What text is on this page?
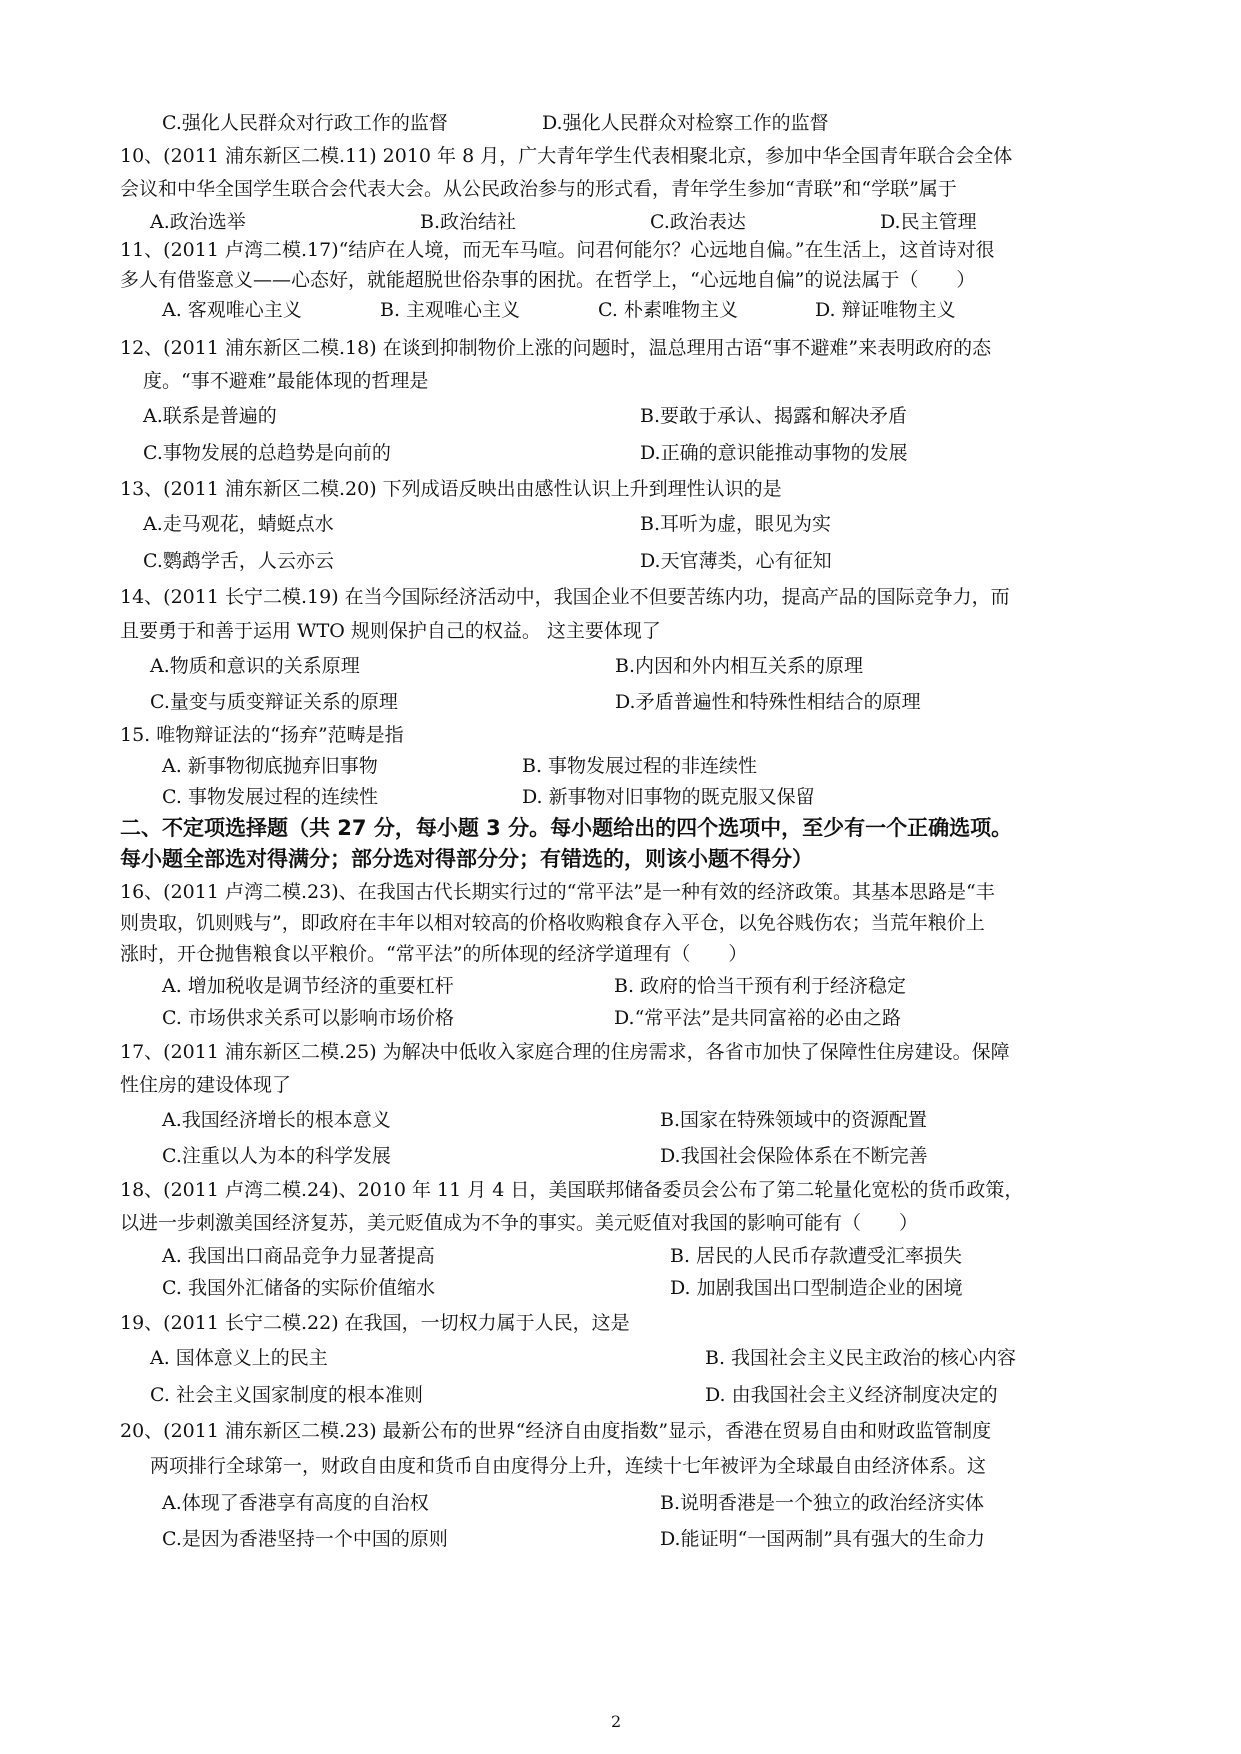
C.强化人民群众对行政工作的监督	D.强化人民群众对检察工作的监督
10、(2011 浦东新区二模.11) 2010 年 8 月，广大青年学生代表相聚北京，参加中华全国青年联合会全体
会议和中华全国学生联合会代表大会。从公民政治参与的形式看，青年学生参加“青联”和“学联”属于
A.政治选举	B.政治结社	C.政治表达	D.民主管理
11、(2011 卢湾二模.17)“结庐在人境，而无车马喧。问君何能尔？心远地自偏。”在生活上，这首诗对很
多人有借鉴意义——心态好，就能超脱世俗杂事的困扰。在哲学上，“心远地自偏”的说法属于（　　）
A. 客观唯心主义	B. 主观唯心主义	C. 朴素唯物主义	D. 辩证唯物主义
12、(2011 浦东新区二模.18) 在谈到抑制物价上涨的问题时，温总理用古语“事不避难”来表明政府的态
度。“事不避难”最能体现的哲理是
A.联系是普遍的	B.要敢于承认、揭露和解决矛盾
C.事物发展的总趋势是向前的	D.正确的意识能推动事物的发展
13、(2011 浦东新区二模.20) 下列成语反映出由感性认识上升到理性认识的是
A.走马观花，蜻蜓点水	B.耳听为虚，眼见为实
C.鹦鹉学舌，人云亦云	D.天官薄类，心有征知
14、(2011 长宁二模.19) 在当今国际经济活动中，我国企业不但要苦练内功，提高产品的国际竞争力，而
且要勇于和善于运用 WTO 规则保护自己的权益。 这主要体现了
A.物质和意识的关系原理	B.内因和外内相互关系的原理
C.量变与质变辩证关系的原理	D.矛盾普遍性和特殊性相结合的原理
15. 唯物辩证法的“扬弃”范畴是指
A. 新事物彻底抛弃旧事物	B. 事物发展过程的非连续性
C. 事物发展过程的连续性	D. 新事物对旧事物的既克服又保留
二、不定项选择题（共 27 分，每小题 3 分。每小题给出的四个选项中，至少有一个正确选项。
每小题全部选对得满分；部分选对得部分分；有错选的，则该小题不得分）
16、(2011 卢湾二模.23)、在我国古代长期实行过的“常平法”是一种有效的经济政策。其基本思路是“丰
则贵取，饥则贱与”，即政府在丰年以相对较高的价格收购粮食存入平仓，以免谷贱伤农；当荒年粮价上
涨时，开仓抛售粮食以平粮价。“常平法”的所体现的经济学道理有（　　）
A. 增加税收是调节经济的重要杠杆	B. 政府的恰当干预有利于经济稳定
C. 市场供求关系可以影响市场价格	D.“常平法”是共同富裕的必由之路
17、(2011 浦东新区二模.25) 为解决中低收入家庭合理的住房需求，各省市加快了保障性住房建设。保障
性住房的建设体现了
A.我国经济增长的根本意义	B.国家在特殊领域中的资源配置
C.注重以人为本的科学发展	D.我国社会保险体系在不断完善
18、(2011 卢湾二模.24)、2010 年 11 月 4 日，美国联邦储备委员会公布了第二轮量化宽松的货币政策，
以进一步刺激美国经济复苏，美元贬值成为不争的事实。美元贬值对我国的影响可能有（　　）
A. 我国出口商品竞争力显著提高	B. 居民的人民币存款遭受汇率损失
C. 我国外汇储备的实际价值缩水	D. 加剧我国出口型制造企业的困境
19、(2011 长宁二模.22) 在我国，一切权力属于人民，这是
A. 国体意义上的民主	B. 我国社会主义民主政治的核心内容
C. 社会主义国家制度的根本准则	D. 由我国社会主义经济制度决定的
20、(2011 浦东新区二模.23) 最新公布的世界“经济自由度指数”显示，香港在贸易自由和财政监管制度
两项排行全球第一，财政自由度和货币自由度得分上升，连续十七年被评为全球最自由经济体系。这
A.体现了香港享有高度的自治权	B.说明香港是一个独立的政治经济实体
C.是因为香港坚持一个中国的原则	D.能证明“一国两制”具有强大的生命力
2
